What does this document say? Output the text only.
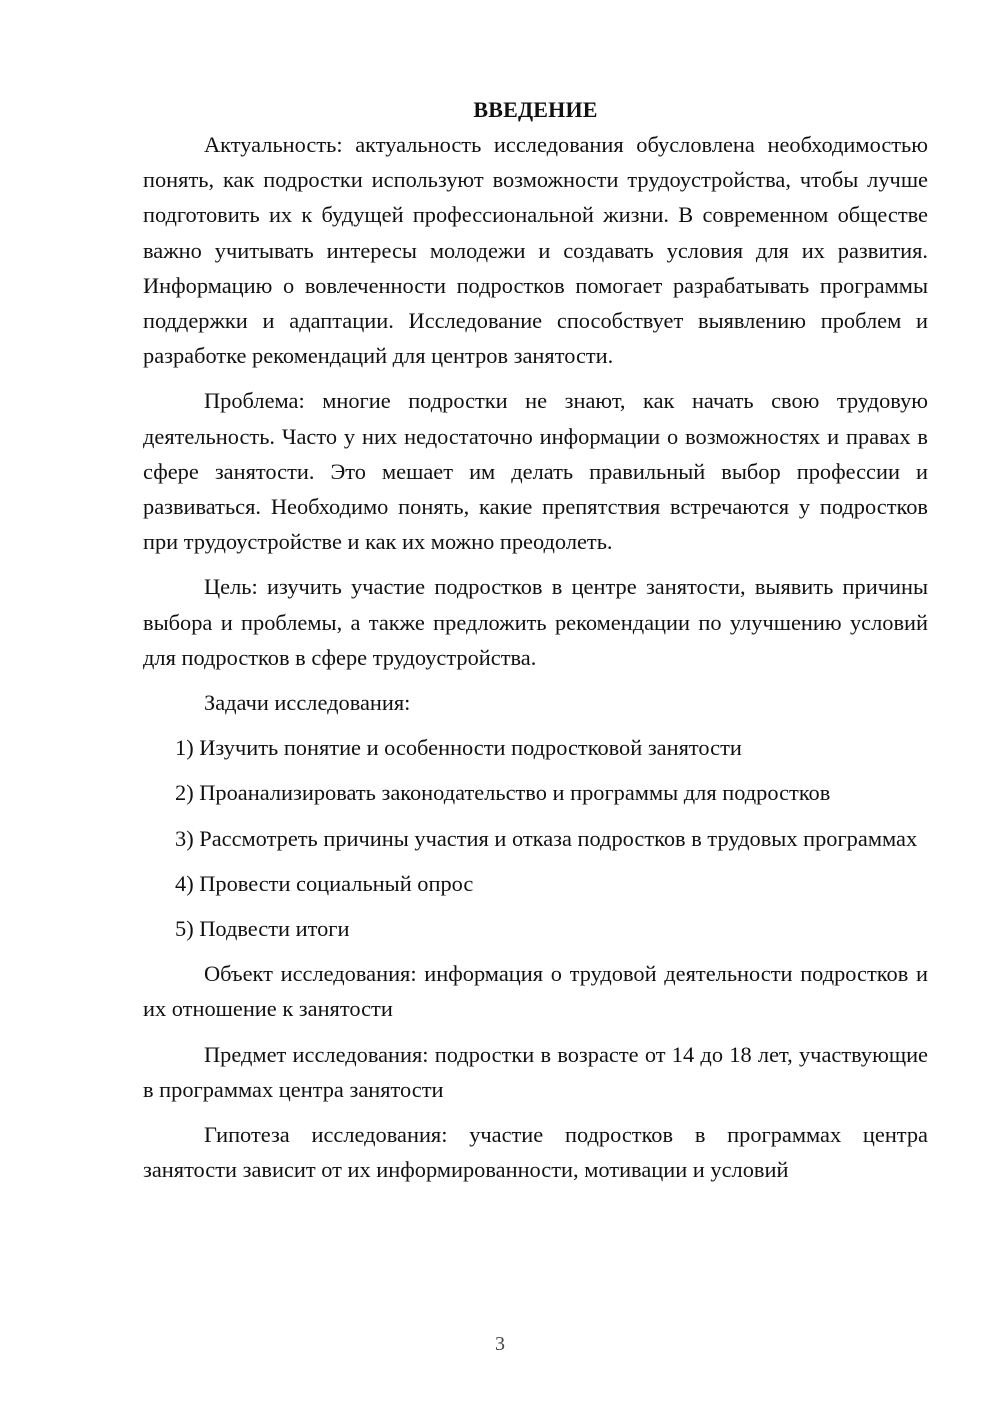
ВВЕДЕНИЕ

Актуальность: актуальность исследования обусловлена необходимостью понять, как подростки используют возможности трудоустройства, чтобы лучше подготовить их к будущей профессиональной жизни. В современном обществе важно учитывать интересы молодежи и создавать условия для их развития. Информацию о вовлеченности подростков помогает разрабатывать программы поддержки и адаптации. Исследование способствует выявлению проблем и разработке рекомендаций для центров занятости.

Проблема: многие подростки не знают, как начать свою трудовую деятельность. Часто у них недостаточно информации о возможностях и правах в сфере занятости. Это мешает им делать правильный выбор профессии и развиваться. Необходимо понять, какие препятствия встречаются у подростков при трудоустройстве и как их можно преодолеть.

Цель: изучить участие подростков в центре занятости, выявить причины выбора и проблемы, а также предложить рекомендации по улучшению условий для подростков в сфере трудоустройства.

Задачи исследования:

1) Изучить понятие и особенности подростковой занятости

2) Проанализировать законодательство и программы для подростков

3) Рассмотреть причины участия и отказа подростков в трудовых программах

4) Провести социальный опрос

5) Подвести итоги

Объект исследования: информация о трудовой деятельности подростков и их отношение к занятости

Предмет исследования: подростки в возрасте от 14 до 18 лет, участвующие в программах центра занятости

Гипотеза исследования: участие подростков в программах центра занятости зависит от их информированности, мотивации и условий

3
